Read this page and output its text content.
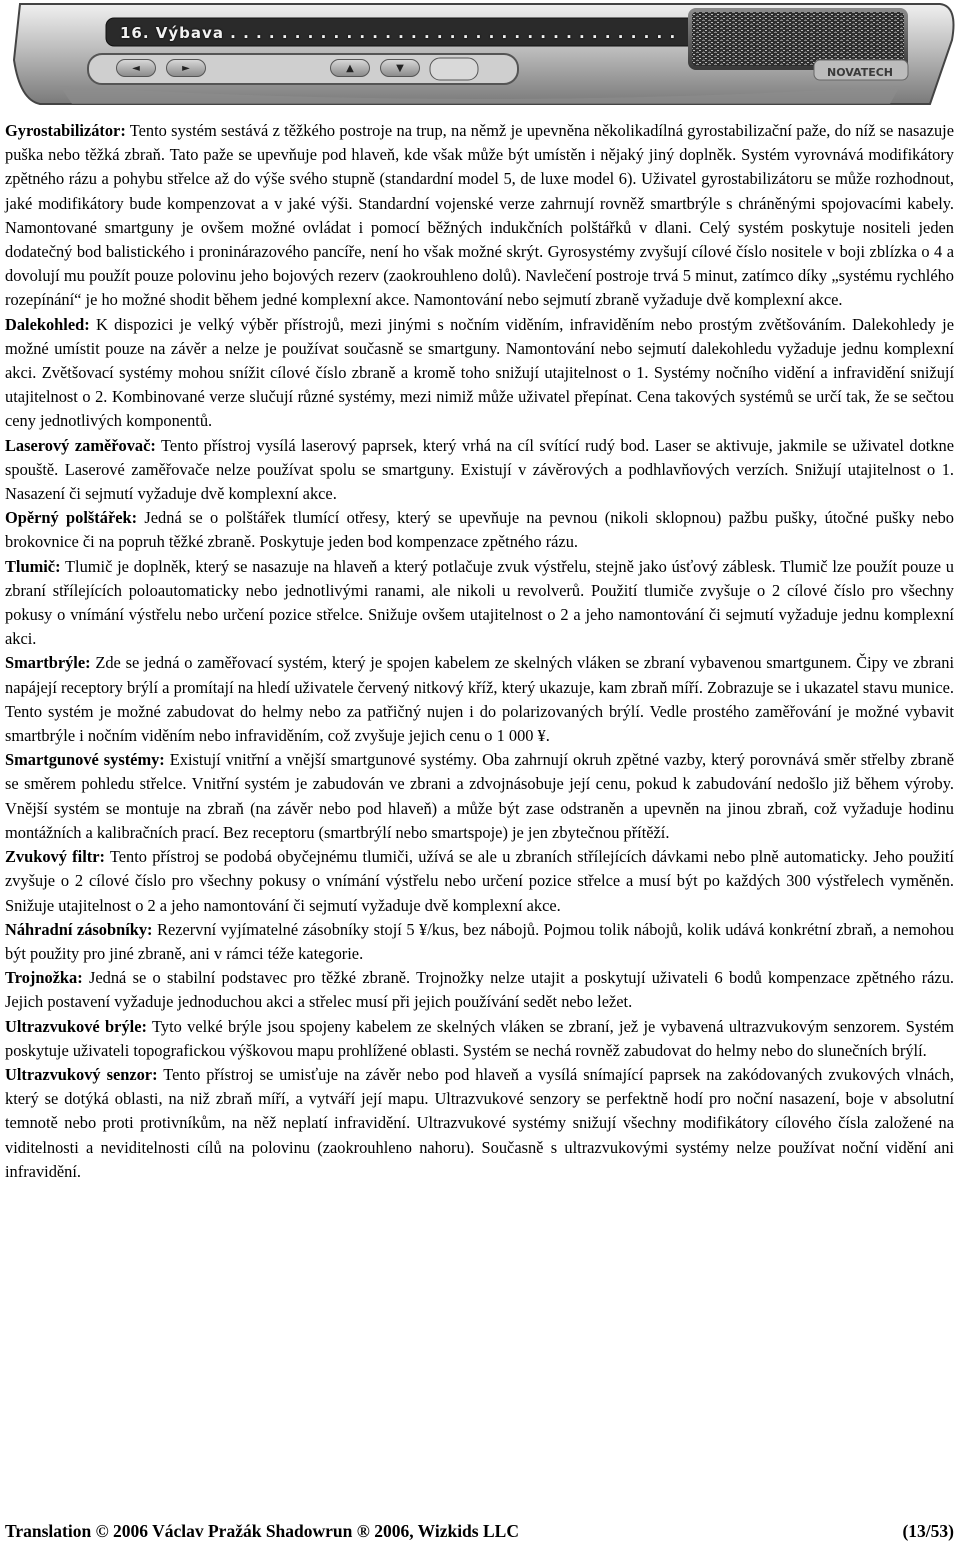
16. Výbava . . . . . . . . . . . . . . . . . . . . . . . . . . . . . . . . . . .
◄	►	▲	▼	NOVATECH

Gyrostabilizátor: Tento systém sestává z těžkého postroje na trup, na němž je upevněna několikadílná gyrostabilizační paže, do níž se nasazuje puška nebo těžká zbraň. Tato paže se upevňuje pod hlaveň, kde však může být umístěn i nějaký jiný doplněk. Systém vyrovnává modifikátory zpětného rázu a pohybu střelce až do výše svého stupně (standardní model 5, de luxe model 6). Uživatel gyrostabilizátoru se může rozhodnout, jaké modifikátory bude kompenzovat a v jaké výši. Standardní vojenské verze zahrnují rovněž smartbrýle s chráněnými spojovacími kabely. Namontované smartguny je ovšem možné ovládat i pomocí běžných indukčních polštářků v dlani. Celý systém poskytuje nositeli jeden dodatečný bod balistického i proninárazového pancíře, není ho však možné skrýt. Gyrosystémy zvyšují cílové číslo nositele v boji zblízka o 4 a dovolují mu použít pouze polovinu jeho bojových rezerv (zaokrouhleno dolů). Navlečení postroje trvá 5 minut, zatímco díky „systému rychlého rozepínání“ je ho možné shodit během jedné komplexní akce. Namontování nebo sejmutí zbraně vyžaduje dvě komplexní akce.

Dalekohled: K dispozici je velký výběr přístrojů, mezi jinými s nočním viděním, infraviděním nebo prostým zvětšováním. Dalekohledy je možné umístit pouze na závěr a nelze je používat současně se smartguny. Namontování nebo sejmutí dalekohledu vyžaduje jednu komplexní akci. Zvětšovací systémy mohou snížit cílové číslo zbraně a kromě toho snižují utajitelnost o 1. Systémy nočního vidění a infravidění snižují utajitelnost o 2. Kombinované verze slučují různé systémy, mezi nimiž může uživatel přepínat. Cena takových systémů se určí tak, že se sečtou ceny jednotlivých komponentů.

Laserový zaměřovač: Tento přístroj vysílá laserový paprsek, který vrhá na cíl svítící rudý bod. Laser se aktivuje, jakmile se uživatel dotkne spouště. Laserové zaměřovače nelze používat spolu se smartguny. Existují v závěrových a podhlavňových verzích. Snižují utajitelnost o 1. Nasazení či sejmutí vyžaduje dvě komplexní akce.

Opěrný polštářek: Jedná se o polštářek tlumící otřesy, který se upevňuje na pevnou (nikoli sklopnou) pažbu pušky, útočné pušky nebo brokovnice či na popruh těžké zbraně. Poskytuje jeden bod kompenzace zpětného rázu.

Tlumič: Tlumič je doplněk, který se nasazuje na hlaveň a který potlačuje zvuk výstřelu, stejně jako úsťový záblesk. Tlumič lze použít pouze u zbraní střílejících poloautomaticky nebo jednotlivými ranami, ale nikoli u revolverů. Použití tlumiče zvyšuje o 2 cílové číslo pro všechny pokusy o vnímání výstřelu nebo určení pozice střelce. Snižuje ovšem utajitelnost o 2 a jeho namontování či sejmutí vyžaduje jednu komplexní akci.

Smartbrýle: Zde se jedná o zaměřovací systém, který je spojen kabelem ze skelných vláken se zbraní vybavenou smartgunem. Čipy ve zbrani napájejí receptory brýlí a promítají na hledí uživatele červený nitkový kříž, který ukazuje, kam zbraň míří. Zobrazuje se i ukazatel stavu munice. Tento systém je možné zabudovat do helmy nebo za patřičný nujen i do polarizovaných brýlí. Vedle prostého zaměřování je možné vybavit smartbrýle i nočním viděním nebo infraviděním, což zvyšuje jejich cenu o 1 000 ¥.

Smartgunové systémy: Existují vnitřní a vnější smartgunové systémy. Oba zahrnují okruh zpětné vazby, který porovnává směr střelby zbraně se směrem pohledu střelce. Vnitřní systém je zabudován ve zbrani a zdvojnásobuje její cenu, pokud k zabudování nedošlo již během výroby. Vnější systém se montuje na zbraň (na závěr nebo pod hlaveň) a může být zase odstraněn a upevněn na jinou zbraň, což vyžaduje hodinu montážních a kalibračních prací. Bez receptoru (smartbrýlí nebo smartspoje) je jen zbytečnou přítěží.

Zvukový filtr: Tento přístroj se podobá obyčejnému tlumiči, užívá se ale u zbraních střílejících dávkami nebo plně automaticky. Jeho použití zvyšuje o 2 cílové číslo pro všechny pokusy o vnímání výstřelu nebo určení pozice střelce a musí být po každých 300 výstřelech vyměněn. Snižuje utajitelnost o 2 a jeho namontování či sejmutí vyžaduje dvě komplexní akce.

Náhradní zásobníky: Rezervní vyjímatelné zásobníky stojí 5 ¥/kus, bez nábojů. Pojmou tolik nábojů, kolik udává konkrétní zbraň, a nemohou být použity pro jiné zbraně, ani v rámci téže kategorie.

Trojnožka: Jedná se o stabilní podstavec pro těžké zbraně. Trojnožky nelze utajit a poskytují uživateli 6 bodů kompenzace zpětného rázu. Jejich postavení vyžaduje jednoduchou akci a střelec musí při jejich používání sedět nebo ležet.

Ultrazvukové brýle: Tyto velké brýle jsou spojeny kabelem ze skelných vláken se zbraní, jež je vybavená ultrazvukovým senzorem. Systém poskytuje uživateli topografickou výškovou mapu prohlížené oblasti. Systém se nechá rovněž zabudovat do helmy nebo do slunečních brýlí.

Ultrazvukový senzor: Tento přístroj se umisťuje na závěr nebo pod hlaveň a vysílá snímající paprsek na zakódovaných zvukových vlnách, který se dotýká oblasti, na niž zbraň míří, a vytváří její mapu. Ultrazvukové senzory se perfektně hodí pro noční nasazení, boje v absolutní temnotě nebo proti protivníkům, na něž neplatí infravidění. Ultrazvukové systémy snižují všechny modifikátory cílového čísla založené na viditelnosti a neviditelnosti cílů na polovinu (zaokrouhleno nahoru). Současně s ultrazvukovými systémy nelze používat noční vidění ani infravidění.

Translation © 2006 Václav Pražák Shadowrun ® 2006, Wizkids LLC	(13/53)
